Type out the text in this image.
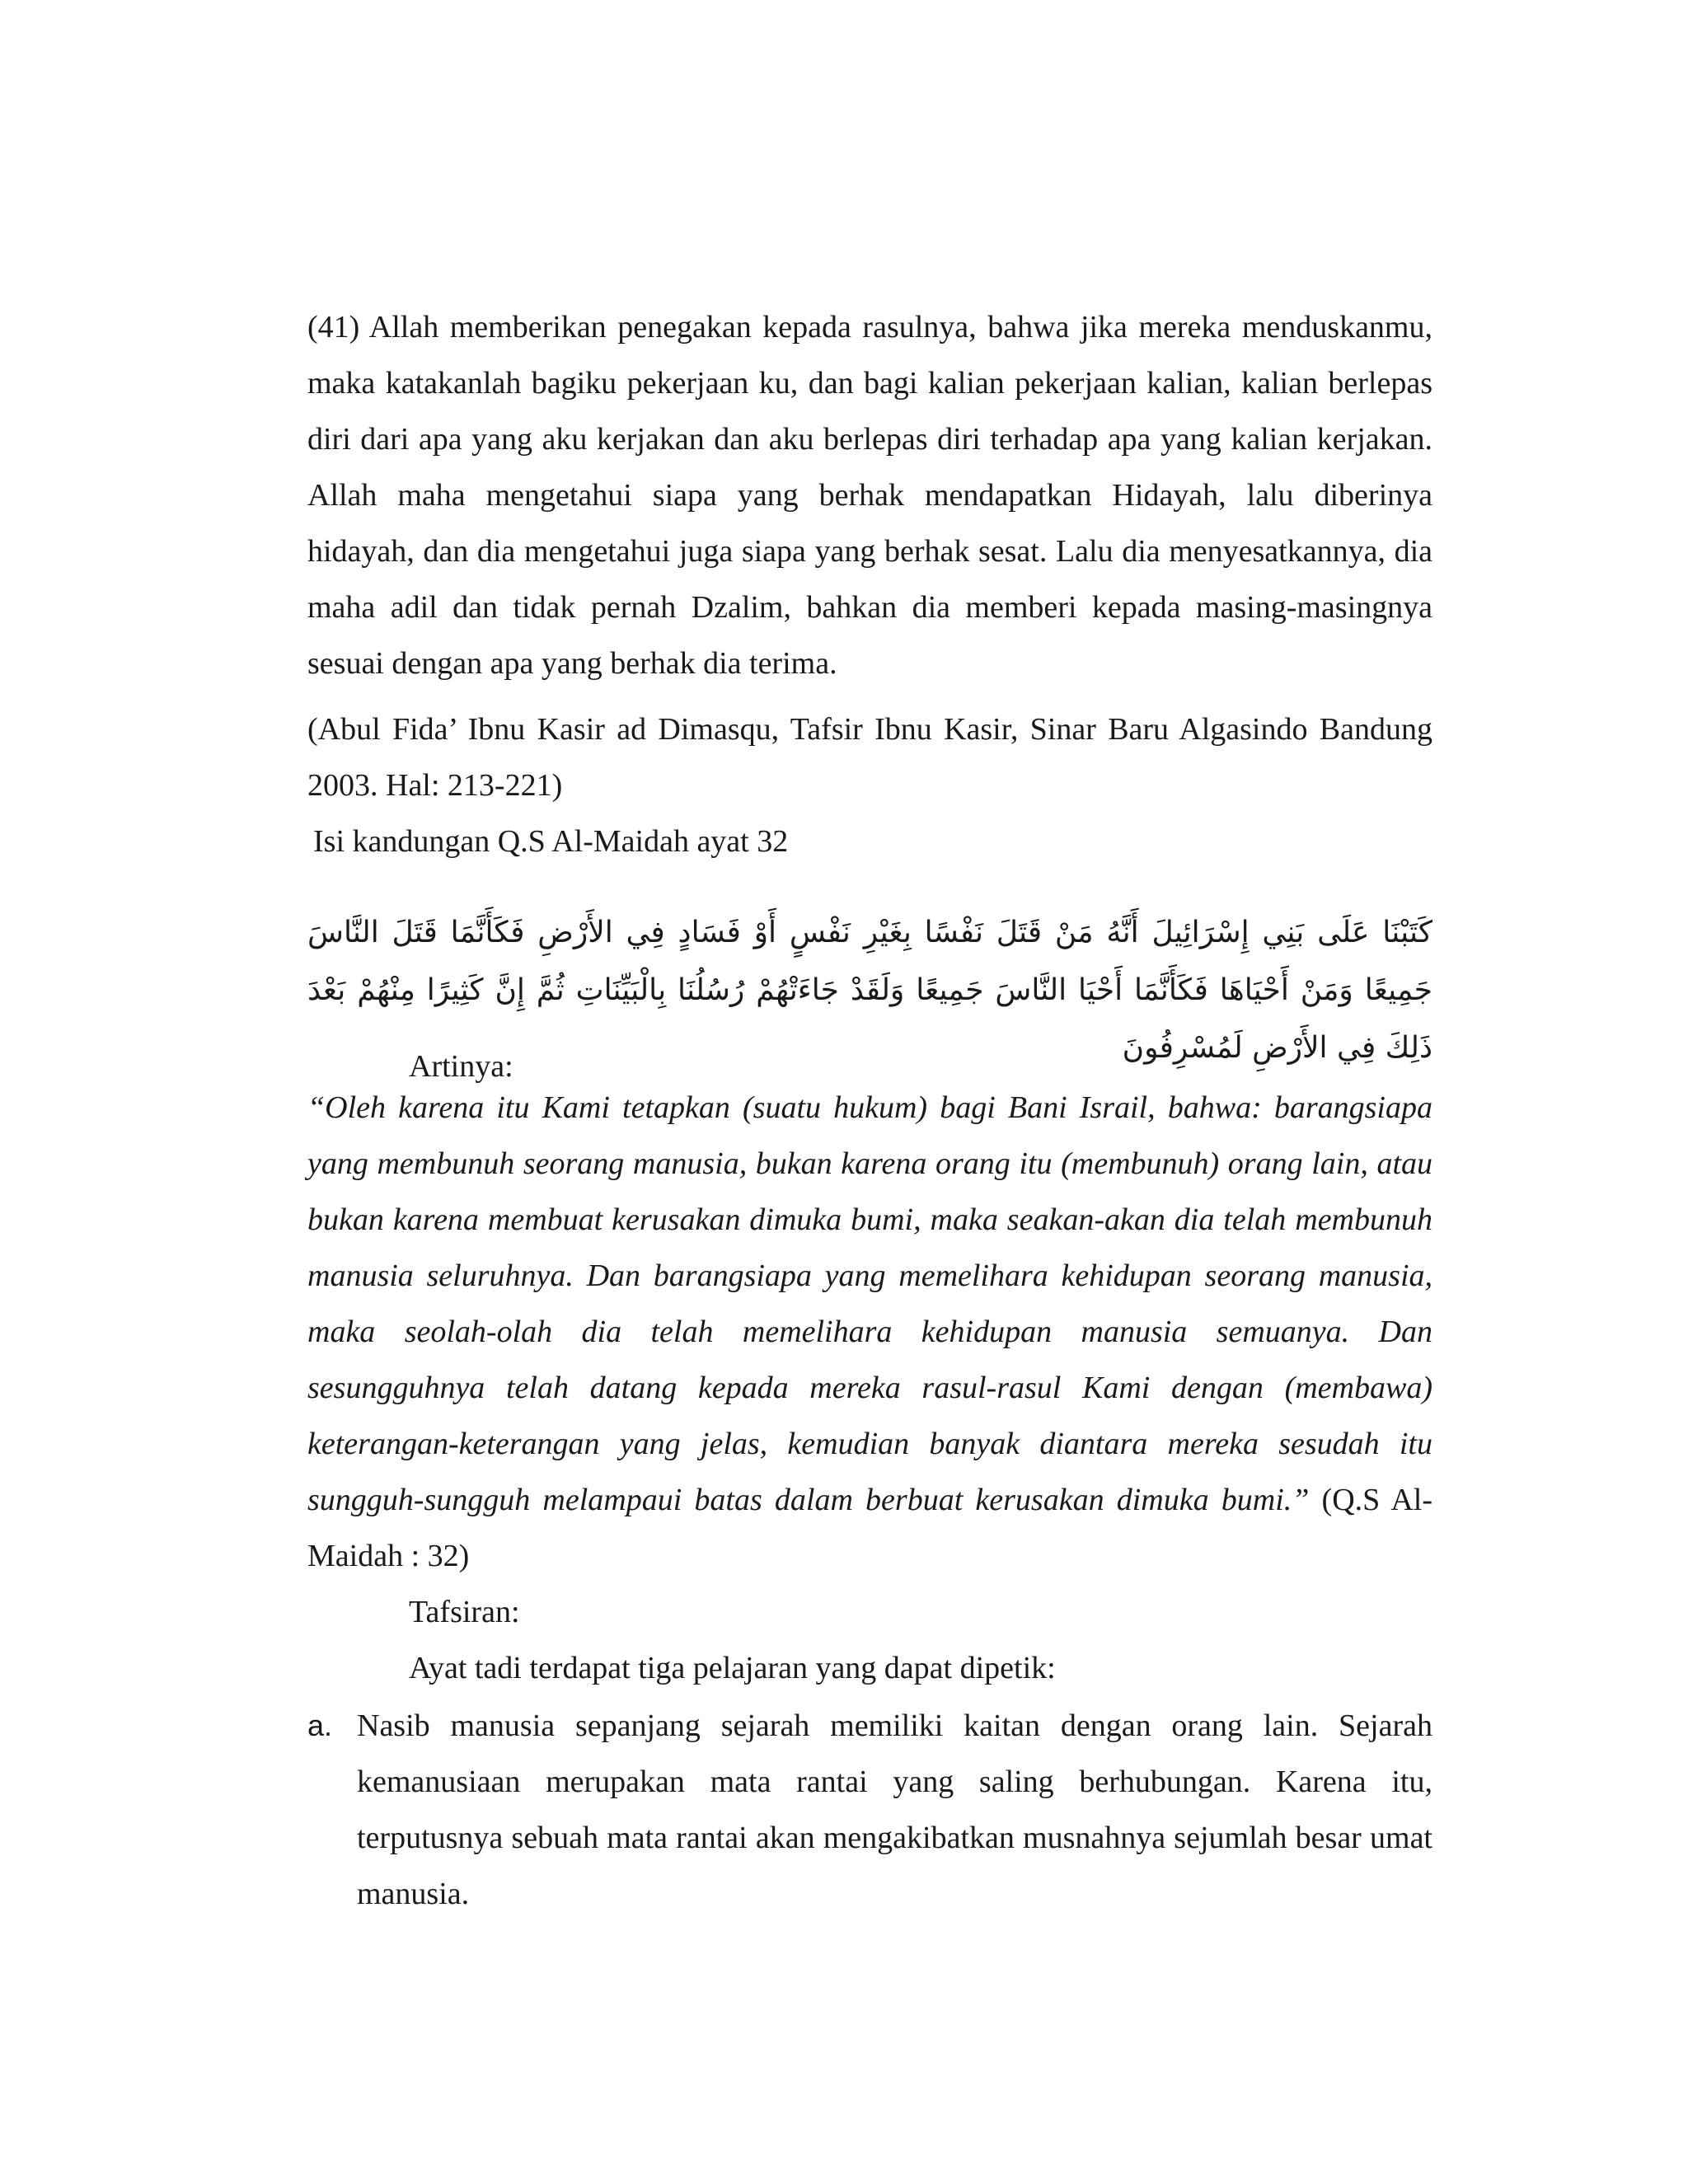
(41) Allah memberikan penegakan kepada rasulnya, bahwa jika mereka menduskanmu, maka katakanlah bagiku pekerjaan ku, dan bagi kalian pekerjaan kalian, kalian berlepas diri dari apa yang aku kerjakan dan aku berlepas diri terhadap apa yang kalian kerjakan. Allah maha mengetahui siapa yang berhak mendapatkan Hidayah, lalu diberinya hidayah, dan dia mengetahui juga siapa yang berhak sesat. Lalu dia menyesatkannya, dia maha adil dan tidak pernah Dzalim, bahkan dia memberi kepada masing-masingnya sesuai dengan apa yang berhak dia terima.

(Abul Fida’ Ibnu Kasir ad Dimasqu, Tafsir Ibnu Kasir, Sinar Baru Algasindo Bandung 2003. Hal: 213-221)

Isi kandungan Q.S Al-Maidah ayat 32

كَتَبْنَا عَلَى بَنِي إِسْرَائِيلَ أَنَّهُ مَنْ قَتَلَ نَفْسًا بِغَيْرِ نَفْسٍ أَوْ فَسَادٍ فِي الأَرْضِ فَكَأَنَّمَا قَتَلَ النَّاسَ جَمِيعًا وَمَنْ أَحْيَاهَا فَكَأَنَّمَا أَحْيَا النَّاسَ جَمِيعًا وَلَقَدْ جَاءَتْهُمْ رُسُلُنَا بِالْبَيِّنَاتِ ثُمَّ إِنَّ كَثِيرًا مِنْهُمْ بَعْدَ ذَلِكَ فِي الأَرْضِ لَمُسْرِفُونَ

Artinya:

“Oleh karena itu Kami tetapkan (suatu hukum) bagi Bani Israil, bahwa: barangsiapa yang membunuh seorang manusia, bukan karena orang itu (membunuh) orang lain, atau bukan karena membuat kerusakan dimuka bumi, maka seakan-akan dia telah membunuh manusia seluruhnya. Dan barangsiapa yang memelihara kehidupan seorang manusia, maka seolah-olah dia telah memelihara kehidupan manusia semuanya. Dan sesungguhnya telah datang kepada mereka rasul-rasul Kami dengan (membawa) keterangan-keterangan yang jelas, kemudian banyak diantara mereka sesudah itu sungguh-sungguh melampaui batas dalam berbuat kerusakan dimuka bumi.” (Q.S Al-Maidah : 32)

Tafsiran:

Ayat tadi terdapat tiga pelajaran yang dapat dipetik:

a. Nasib manusia sepanjang sejarah memiliki kaitan dengan orang lain. Sejarah kemanusiaan merupakan mata rantai yang saling berhubungan. Karena itu, terputusnya sebuah mata rantai akan mengakibatkan musnahnya sejumlah besar umat manusia.
